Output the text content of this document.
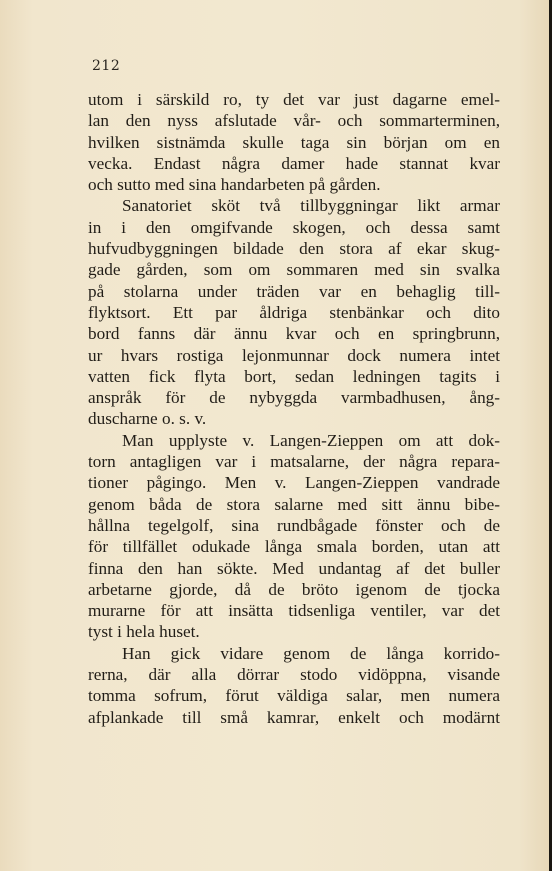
212
utom i särskild ro, ty det var just dagarne emel-
lan den nyss afslutade vår- och sommarterminen,
hvilken sistnämda skulle taga sin början om en
vecka. Endast några damer hade stannat kvar
och sutto med sina handarbeten på gården.
Sanatoriet sköt två tillbyggningar likt armar
in i den omgifvande skogen, och dessa samt
hufvudbyggningen bildade den stora af ekar skug-
gade gården, som om sommaren med sin svalka
på stolarna under träden var en behaglig till-
flyktsort. Ett par åldriga stenbänkar och dito
bord fanns där ännu kvar och en springbrunn,
ur hvars rostiga lejonmunnar dock numera intet
vatten fick flyta bort, sedan ledningen tagits i
anspråk för de nybyggda varmbadhusen, ång-
duscharne o. s. v.
Man upplyste v. Langen-Zieppen om att dok-
torn antagligen var i matsalarne, der några repara-
tioner pågingo. Men v. Langen-Zieppen vandrade
genom båda de stora salarne med sitt ännu bibe-
hållna tegelgolf, sina rundbågade fönster och de
för tillfället odukade långa smala borden, utan att
finna den han sökte. Med undantag af det buller
arbetarne gjorde, då de bröto igenom de tjocka
murarne för att insätta tidsenliga ventiler, var det
tyst i hela huset.
Han gick vidare genom de långa korrido-
rerna, där alla dörrar stodo vidöppna, visande
tomma sofrum, förut väldiga salar, men numera
afplankade till små kamrar, enkelt och modärnt
